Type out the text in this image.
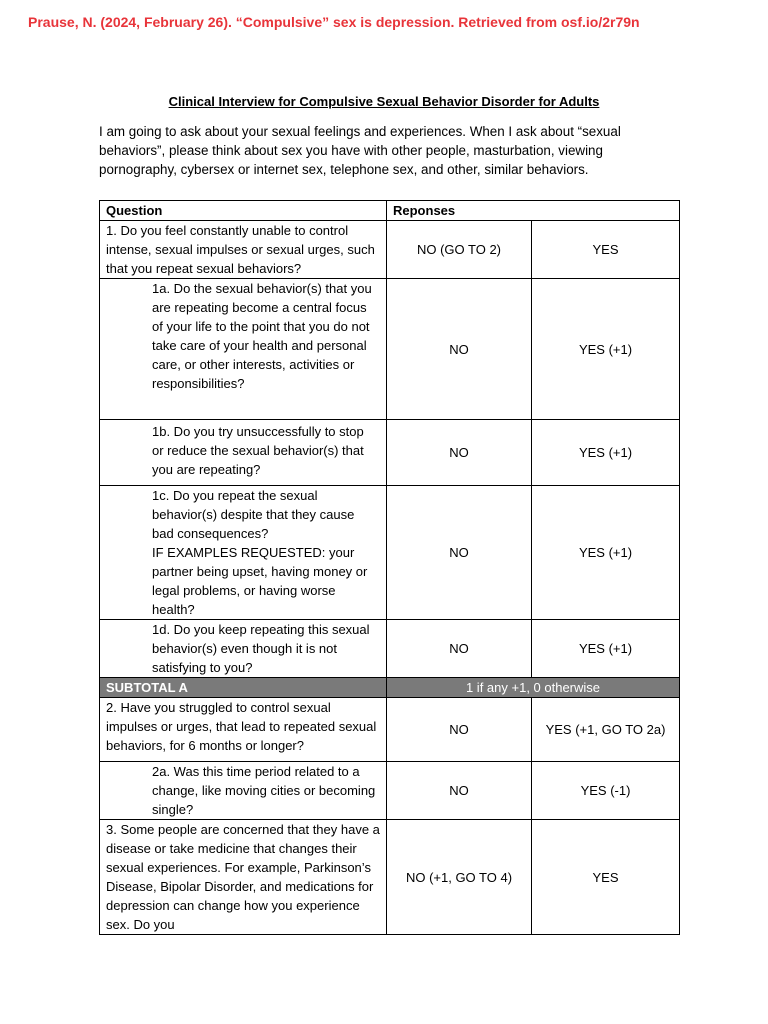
Prause, N. (2024, February 26). “Compulsive” sex is depression. Retrieved from osf.io/2r79n
Clinical Interview for Compulsive Sexual Behavior Disorder for Adults
I am going to ask about your sexual feelings and experiences. When I ask about “sexual behaviors”, please think about sex you have with other people, masturbation, viewing pornography, cybersex or internet sex, telephone sex, and other, similar behaviors.
Question	Reponses	
1. Do you feel constantly unable to control intense, sexual impulses or sexual urges, such that you repeat sexual behaviors?	NO (GO TO 2)	YES
1a. Do the sexual behavior(s) that you are repeating become a central focus of your life to the point that you do not take care of your health and personal care, or other interests, activities or responsibilities?	NO	YES (+1)
1b. Do you try unsuccessfully to stop or reduce the sexual behavior(s) that you are repeating?	NO	YES (+1)

1c. Do you repeat the sexual behavior(s) despite that they cause bad consequences?
IF EXAMPLES REQUESTED: your partner being upset, having money or legal problems, or having worse health?	NO	YES (+1)
1d. Do you keep repeating this sexual behavior(s) even though it is not satisfying to you?	NO	YES (+1)
SUBTOTAL A	1 if any +1, 0 otherwise	
2. Have you struggled to control sexual impulses or urges, that lead to repeated sexual behaviors, for 6 months or longer?	NO	YES (+1, GO TO 2a)
2a. Was this time period related to a change, like moving cities or becoming single?	NO	YES (-1)
3. Some people are concerned that they have a disease or take medicine that changes their sexual experiences. For example, Parkinson’s Disease, Bipolar Disorder, and medications for depression can change how you experience sex. Do you	NO (+1, GO TO 4)	YES
